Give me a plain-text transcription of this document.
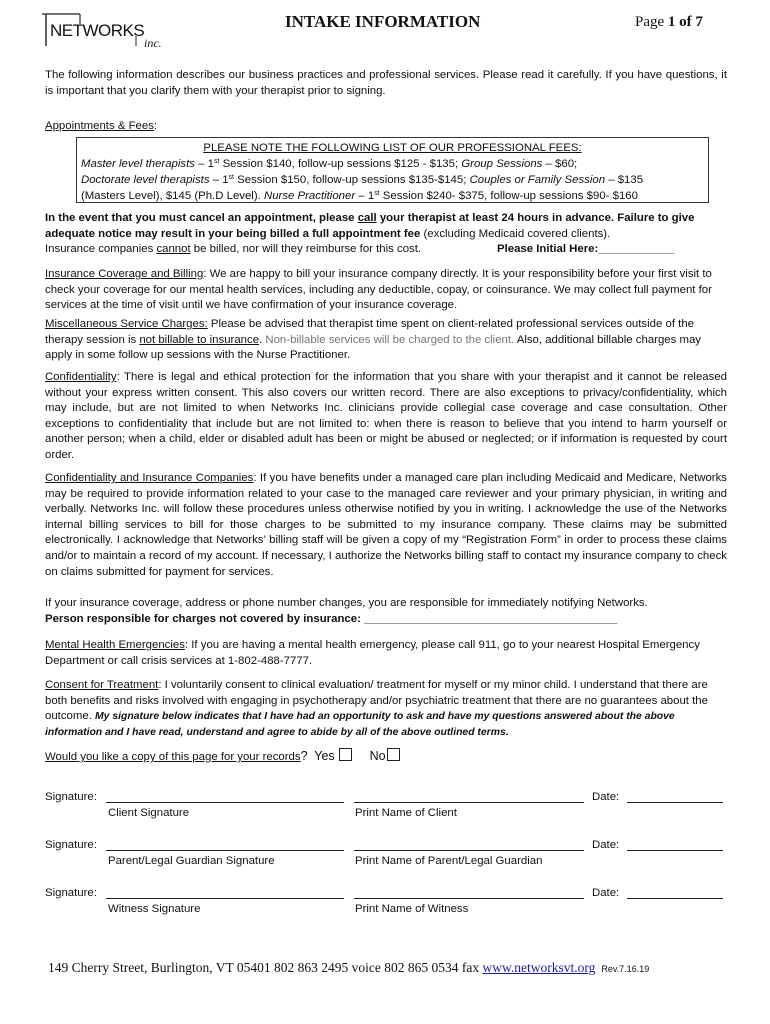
NETWORKS
inc.
INTAKE INFORMATION	Page 1 of 7
The following information describes our business practices and professional services. Please read it carefully. If you have questions, it is important that you clarify them with your therapist prior to signing.
Appointments & Fees:
PLEASE NOTE THE FOLLOWING LIST OF OUR PROFESSIONAL FEES:
Master level therapists – 1st Session $140, follow-up sessions $125 - $135; Group Sessions – $60;
Doctorate level therapists – 1st Session $150, follow-up sessions $135-$145; Couples or Family Session – $135
(Masters Level), $145 (Ph.D Level). Nurse Practitioner – 1st Session $240- $375, follow-up sessions $90- $160
In the event that you must cancel an appointment, please call your therapist at least 24 hours in advance. Failure to give adequate notice may result in your being billed a full appointment fee (excluding Medicaid covered clients).
Insurance companies cannot be billed, nor will they reimburse for this cost.	Please Initial Here:____________
Insurance Coverage and Billing: We are happy to bill your insurance company directly. It is your responsibility before your first visit to check your coverage for our mental health services, including any deductible, copay, or coinsurance. We may collect full payment for services at the time of visit until we have confirmation of your insurance coverage.
Miscellaneous Service Charges: Please be advised that therapist time spent on client-related professional services outside of the therapy session is not billable to insurance. Non-billable services will be charged to the client. Also, additional billable charges may apply in some follow up sessions with the Nurse Practitioner.
Confidentiality: There is legal and ethical protection for the information that you share with your therapist and it cannot be released without your express written consent. This also covers our written record. There are also exceptions to privacy/confidentiality, which may include, but are not limited to when Networks Inc. clinicians provide collegial case coverage and case consultation. Other exceptions to confidentiality that include but are not limited to: when there is reason to believe that you intend to harm yourself or another person; when a child, elder or disabled adult has been or might be abused or neglected; or if information is requested by court order.
Confidentiality and Insurance Companies: If you have benefits under a managed care plan including Medicaid and Medicare, Networks may be required to provide information related to your case to the managed care reviewer and your primary physician, in writing and verbally. Networks Inc. will follow these procedures unless otherwise notified by you in writing. I acknowledge the use of the Networks internal billing services to bill for those charges to be submitted to my insurance company. These claims may be submitted electronically. I acknowledge that Networks’ billing staff will be given a copy of my “Registration Form” in order to process these claims and/or to maintain a record of my account. If necessary, I authorize the Networks billing staff to contact my insurance company to check on claims submitted for payment for services.
If your insurance coverage, address or phone number changes, you are responsible for immediately notifying Networks.
Person responsible for charges not covered by insurance: ________________________________________
Mental Health Emergencies: If you are having a mental health emergency, please call 911, go to your nearest Hospital Emergency Department or call crisis services at 1-802-488-7777.
Consent for Treatment: I voluntarily consent to clinical evaluation/ treatment for myself or my minor child. I understand that there are both benefits and risks involved with engaging in psychotherapy and/or psychiatric treatment that there are no guarantees about the outcome. My signature below indicates that I have had an opportunity to ask and have my questions answered about the above information and I have read, understand and agree to abide by all of the above outlined terms.
Would you like a copy of this page for your records? Yes	No
Signature:	Date:
Client Signature	Print Name of Client
Signature:	Date:
Parent/Legal Guardian Signature	Print Name of Parent/Legal Guardian
Signature:	Date:
Witness Signature	Print Name of Witness
149 Cherry Street, Burlington, VT 05401 802 863 2495 voice 802 865 0534 fax www.networksvt.org Rev.7.16.19
